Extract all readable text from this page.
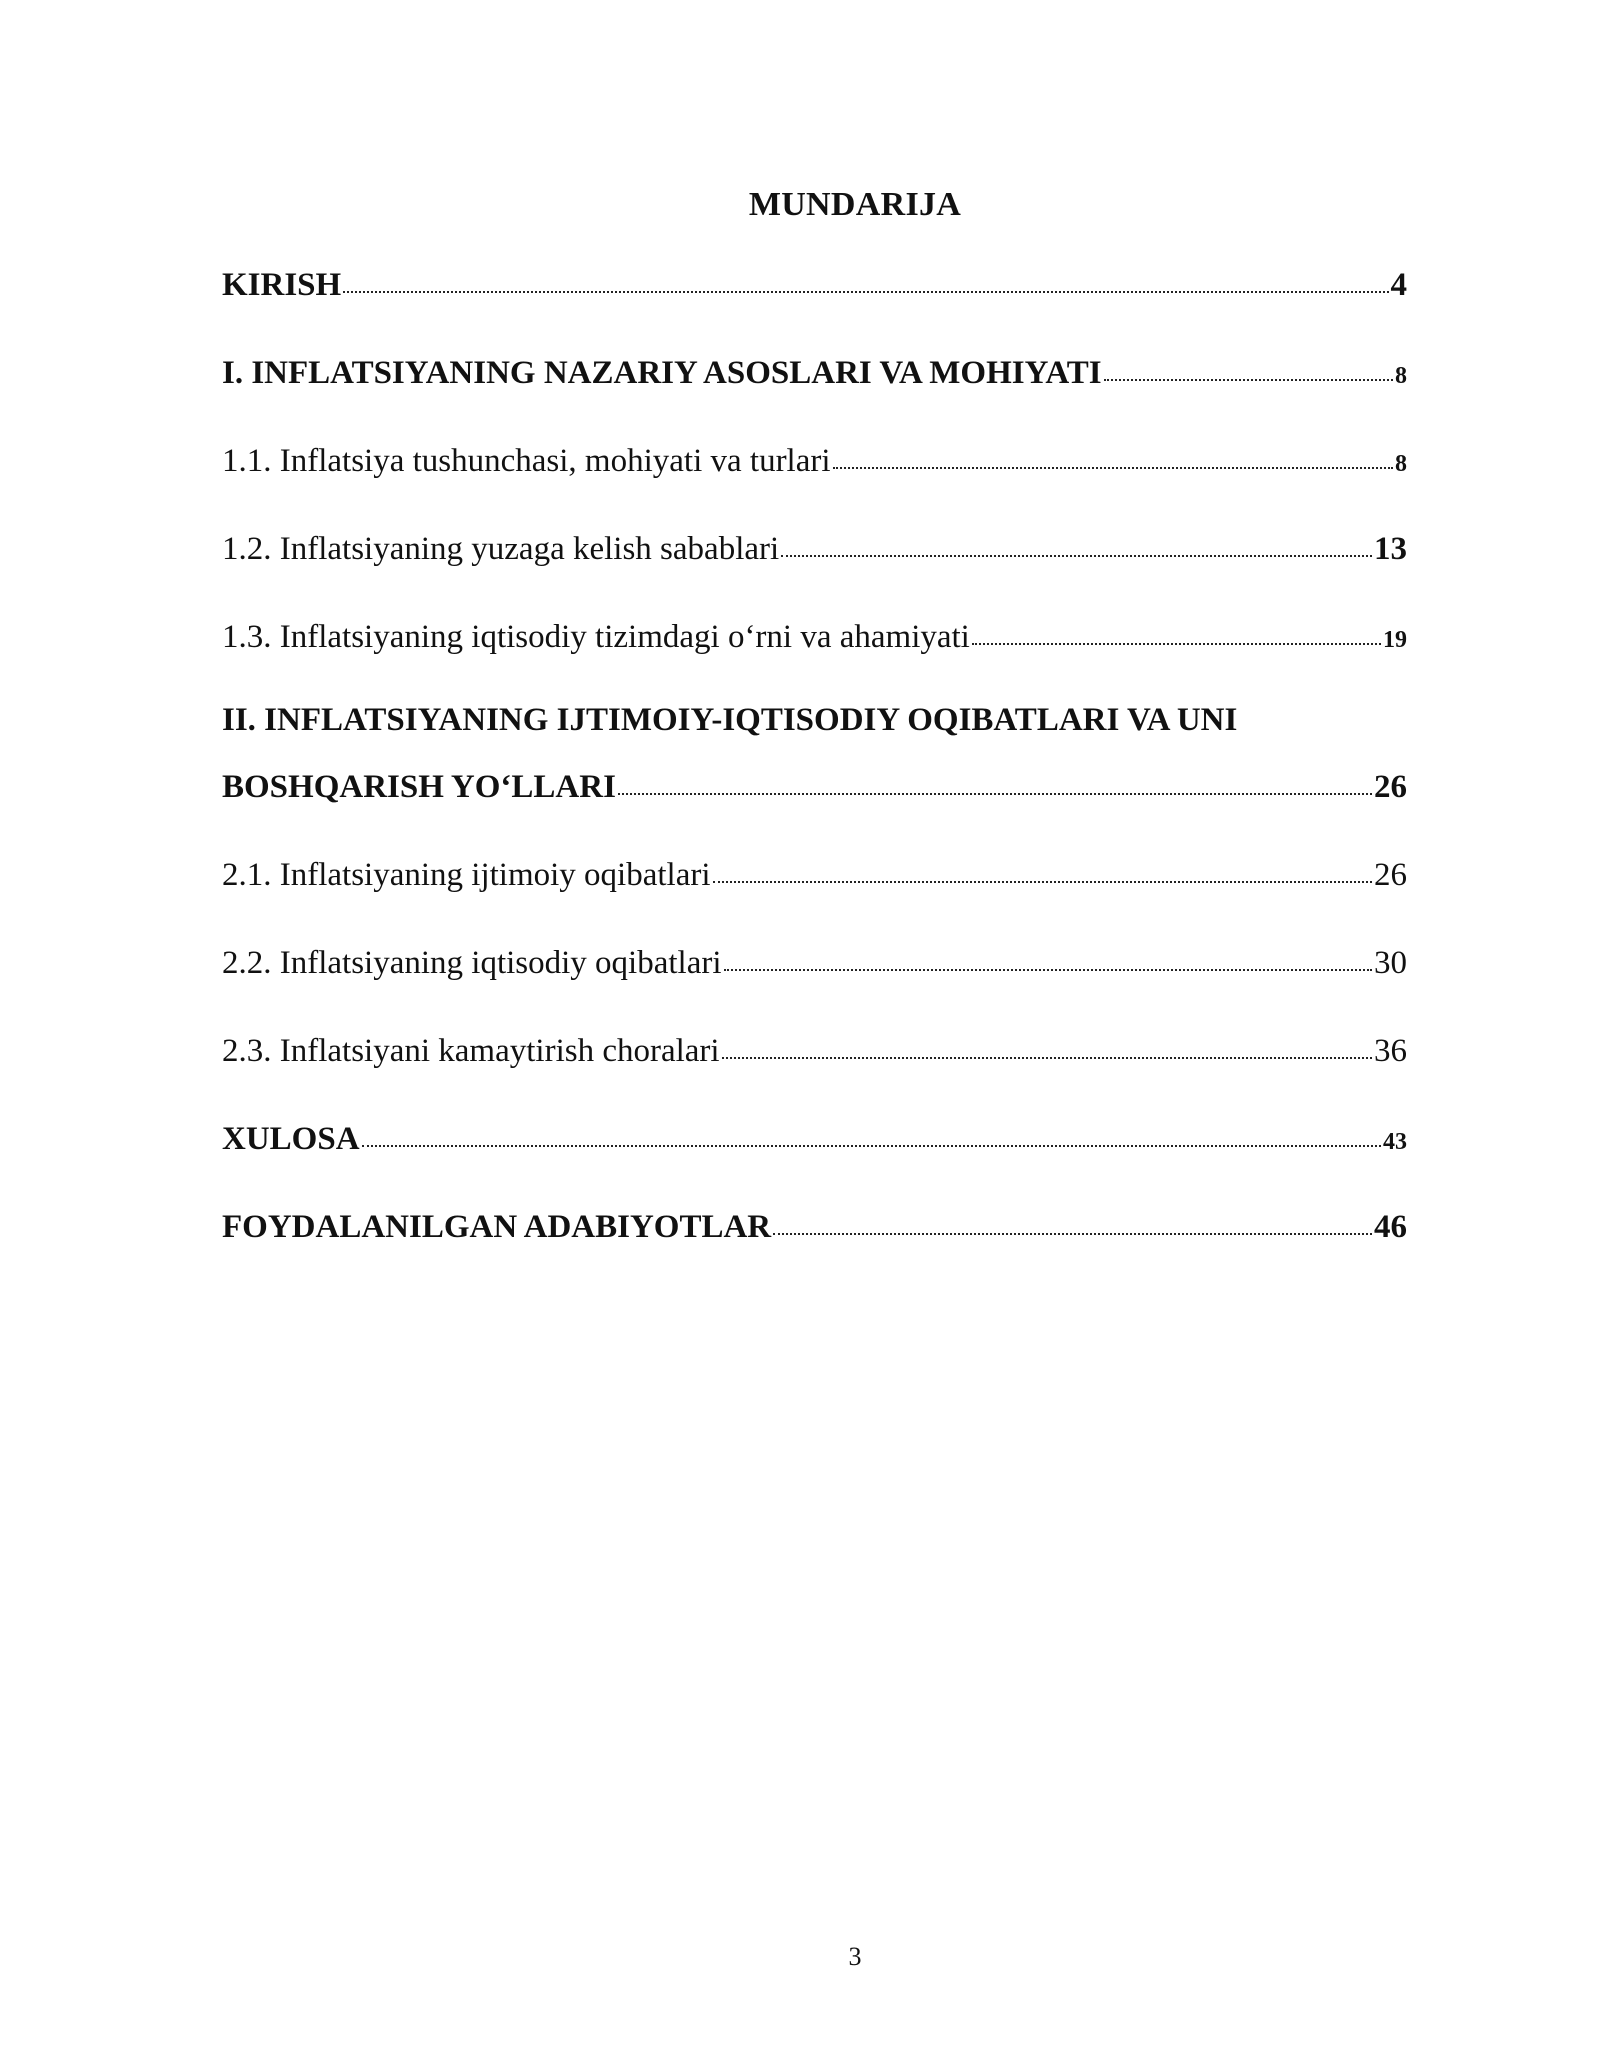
MUNDARIJA
KIRISH	4
I. INFLATSIYANING NAZARIY ASOSLARI VA MOHIYATI	8
1.1. Inflatsiya tushunchasi, mohiyati va turlari	8
1.2. Inflatsiyaning yuzaga kelish sabablari	13
1.3. Inflatsiyaning iqtisodiy tizimdagi o‘rni va ahamiyati	19
II. INFLATSIYANING IJTIMOIY-IQTISODIY OQIBATLARI VA UNI
BOSHQARISH YO‘LLARI	26
2.1. Inflatsiyaning ijtimoiy oqibatlari	26
2.2. Inflatsiyaning iqtisodiy oqibatlari	30
2.3. Inflatsiyani kamaytirish choralari	36
XULOSA	43
FOYDALANILGAN ADABIYOTLAR	46
3
